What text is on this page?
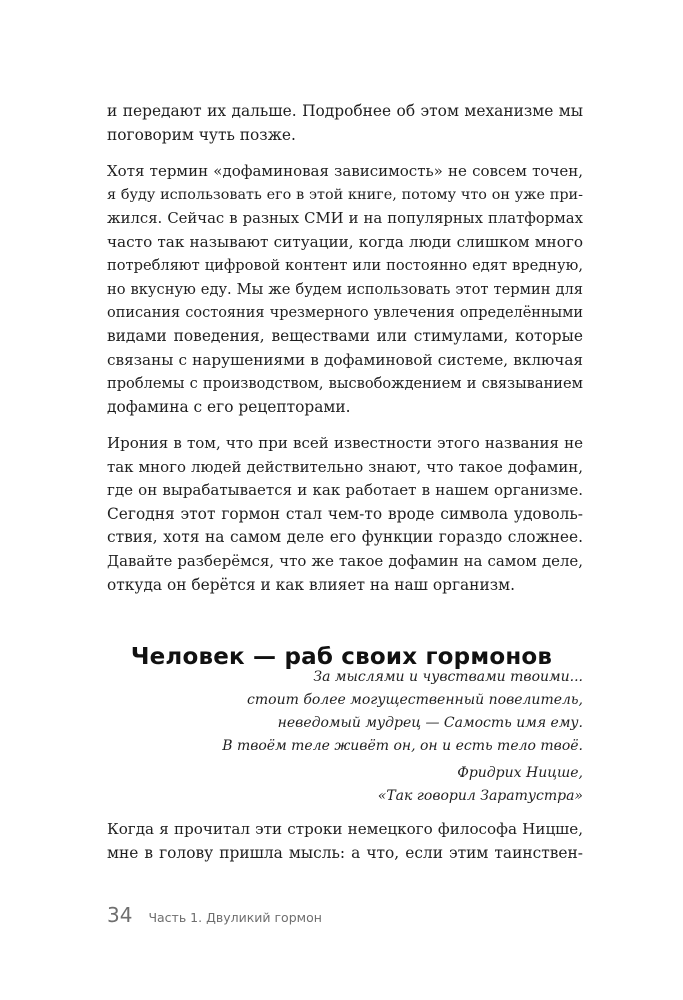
и передают их дальше. Подробнее об этом механизме мы
поговорим чуть позже.
Хотя термин «дофаминовая зависимость» не совсем точен,
я буду использовать его в этой книге, потому что он уже при-
жился. Сейчас в разных СМИ и на популярных платформах
часто так называют ситуации, когда люди слишком много
потребляют цифровой контент или постоянно едят вредную,
но вкусную еду. Мы же будем использовать этот термин для
описания состояния чрезмерного увлечения определёнными
видами поведения, веществами или стимулами, которые
связаны с нарушениями в дофаминовой системе, включая
проблемы с производством, высвобождением и связыванием
дофамина с его рецепторами.
Ирония в том, что при всей известности этого названия не
так много людей действительно знают, что такое дофамин,
где он вырабатывается и как работает в нашем организме.
Сегодня этот гормон стал чем-то вроде символа удоволь-
ствия, хотя на самом деле его функции гораздо сложнее.
Давайте разберёмся, что же такое дофамин на самом деле,
откуда он берётся и как влияет на наш организм.
Человек — раб своих гормонов
За мыслями и чувствами твоими...
стоит более могущественный повелитель,
неведомый мудрец — Самость имя ему.
В твоём теле живёт он, он и есть тело твоё.
Фридрих Ницше,
«Так говорил Заратустра»
Когда я прочитал эти строки немецкого философа Ницше,
мне в голову пришла мысль: а что, если этим таинствен-
34 Часть 1. Двуликий гормон
